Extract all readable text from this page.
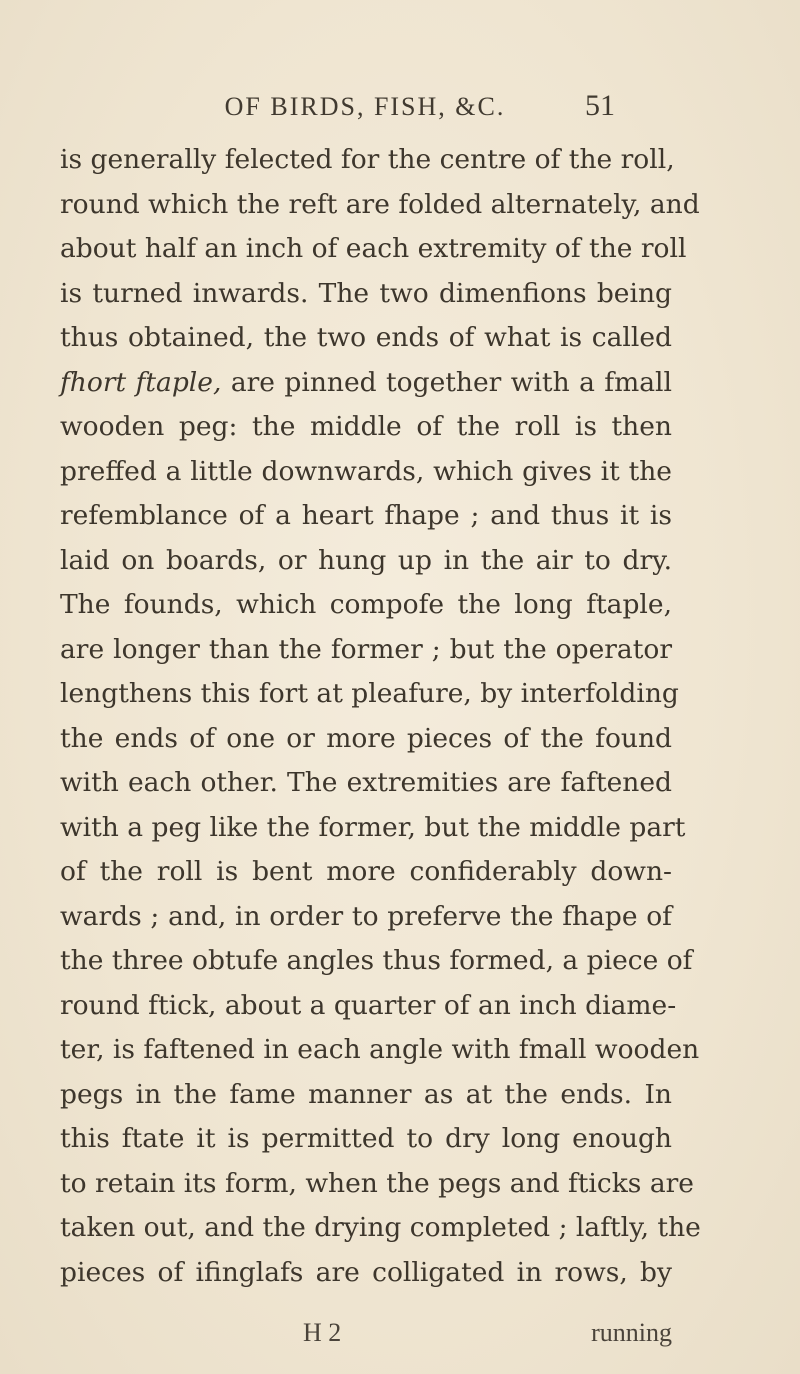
OF BIRDS, FISH, &C.	51
is generally felected for the centre of the roll,
round which the reft are folded alternately, and
about half an inch of each extremity of the roll
is turned inwards. The two dimenfions being
thus obtained, the two ends of what is called
fhort ftaple, are pinned together with a fmall
wooden peg: the middle of the roll is then
preffed a little downwards, which gives it the
refemblance of a heart fhape ; and thus it is
laid on boards, or hung up in the air to dry.
The founds, which compofe the long ftaple,
are longer than the former ; but the operator
lengthens this fort at pleafure, by interfolding
the ends of one or more pieces of the found
with each other. The extremities are faftened
with a peg like the former, but the middle part
of the roll is bent more confiderably down-
wards ; and, in order to preferve the fhape of
the three obtufe angles thus formed, a piece of
round ftick, about a quarter of an inch diame-
ter, is faftened in each angle with fmall wooden
pegs in the fame manner as at the ends. In
this ftate it is permitted to dry long enough
to retain its form, when the pegs and fticks are
taken out, and the drying completed ; laftly, the
pieces of ifinglafs are colligated in rows, by
H 2	running
